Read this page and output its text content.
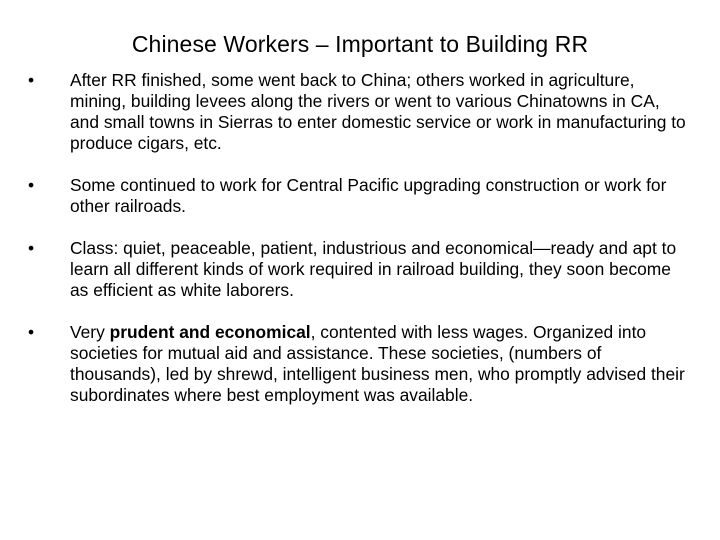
Chinese Workers – Important to Building RR
•	After RR finished, some went back to China; others worked in agriculture, mining, building levees along the rivers or went to various Chinatowns in CA, and small towns in Sierras to enter domestic service or work in manufacturing to produce cigars, etc.
•	Some continued to work for Central Pacific upgrading construction or work for other railroads.
•	Class: quiet, peaceable, patient, industrious and economical—ready and apt to learn all different kinds of work required in railroad building, they soon become as efficient as white laborers.
•	Very prudent and economical, contented with less wages. Organized into societies for mutual aid and assistance. These societies, (numbers of thousands), led by shrewd, intelligent business men, who promptly advised their subordinates where best employment was available.
